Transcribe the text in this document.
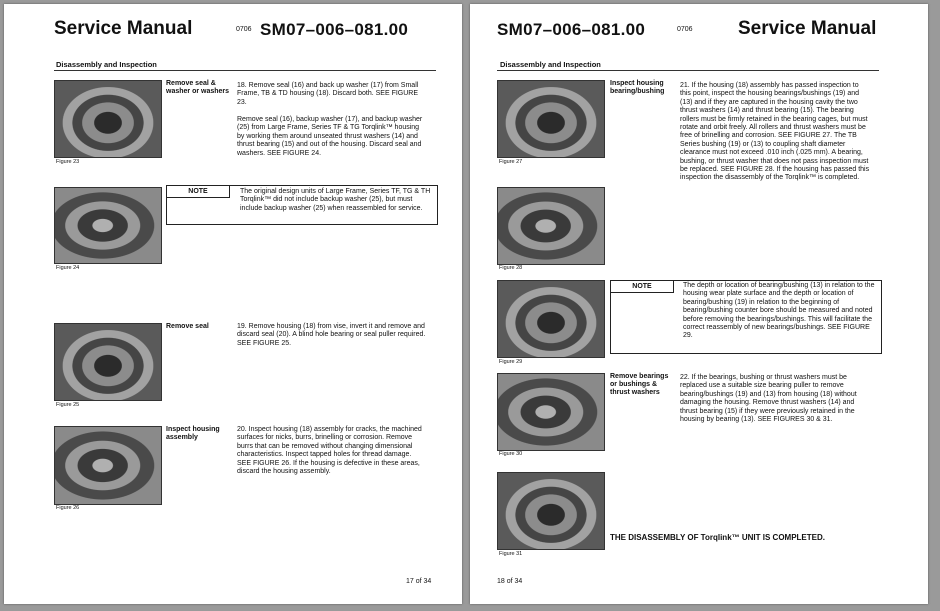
Service Manual	0706 SM07–006–081.00
Disassembly and Inspection
Figure 23
Remove seal & washer or washers
18. Remove seal (16) and back up washer (17) from Small Frame, TB & TD housing (18). Discard both. SEE FIGURE 23.
Remove seal (16), backup washer (17), and backup washer (25) from Large Frame, Series TF & TG Torqlink™ housing by working them around unseated thrust washers (14) and thrust bearing (15) and out of the housing. Discard seal and washers. SEE FIGURE 24.
NOTE	The original design units of Large Frame, Series TF, TG & TH Torqlink™ did not include backup washer (25), but must include backup washer (25) when reassembled for service.
Figure 24
Figure 25
Remove seal	19. Remove housing (18) from vise, invert it and remove and discard seal (20). A blind hole bearing or seal puller required. SEE FIGURE 25.
Figure 26
Inspect housing assembly
20. Inspect housing (18) assembly for cracks, the machined surfaces for nicks, burrs, brinelling or corrosion. Remove burrs that can be removed without changing dimensional characteristics. Inspect tapped holes for thread damage. SEE FIGURE 26. If the housing is defective in these areas, discard the housing assembly.
17 of 34
SM07–006–081.00	0706 Service Manual
Disassembly and Inspection
Figure 27
Inspect housing bearing/bushing
21. If the housing (18) assembly has passed inspection to this point, inspect the housing bearings/bushings (19) and (13) and if they are captured in the housing cavity the two thrust washers (14) and thrust bearing (15). The bearing rollers must be firmly retained in the bearing cages, but must rotate and orbit freely. All rollers and thrust washers must be free of brinelling and corrosion. SEE FIGURE 27. The TB Series bushing (19) or (13) to coupling shaft diameter clearance must not exceed .010 inch (.025 mm). A bearing, bushing, or thrust washer that does not pass inspection must be replaced. SEE FIGURE 28. If the housing has passed this inspection the disassembly of the Torqlink™ is completed.
Figure 28
NOTE	The depth or location of bearing/bushing (13) in relation to the housing wear plate surface and the depth or location of bearing/bushing (19) in relation to the beginning of bearing/bushing counter bore should be measured and noted before removing the bearings/bushings. This will facilitate the correct reassembly of new bearings/bushings. SEE FIGURE 29.
Figure 29
Figure 30
Remove bearings or bushings & thrust washers
22. If the bearings, bushing or thrust washers must be replaced use a suitable size bearing puller to remove bearing/bushings (19) and (13) from housing (18) without damaging the housing. Remove thrust washers (14) and thrust bearing (15) if they were previously retained in the housing by bearing (13). SEE FIGURES 30 & 31.
Figure 31
THE DISASSEMBLY OF Torqlink™ UNIT IS COMPLETED.
18 of 34
